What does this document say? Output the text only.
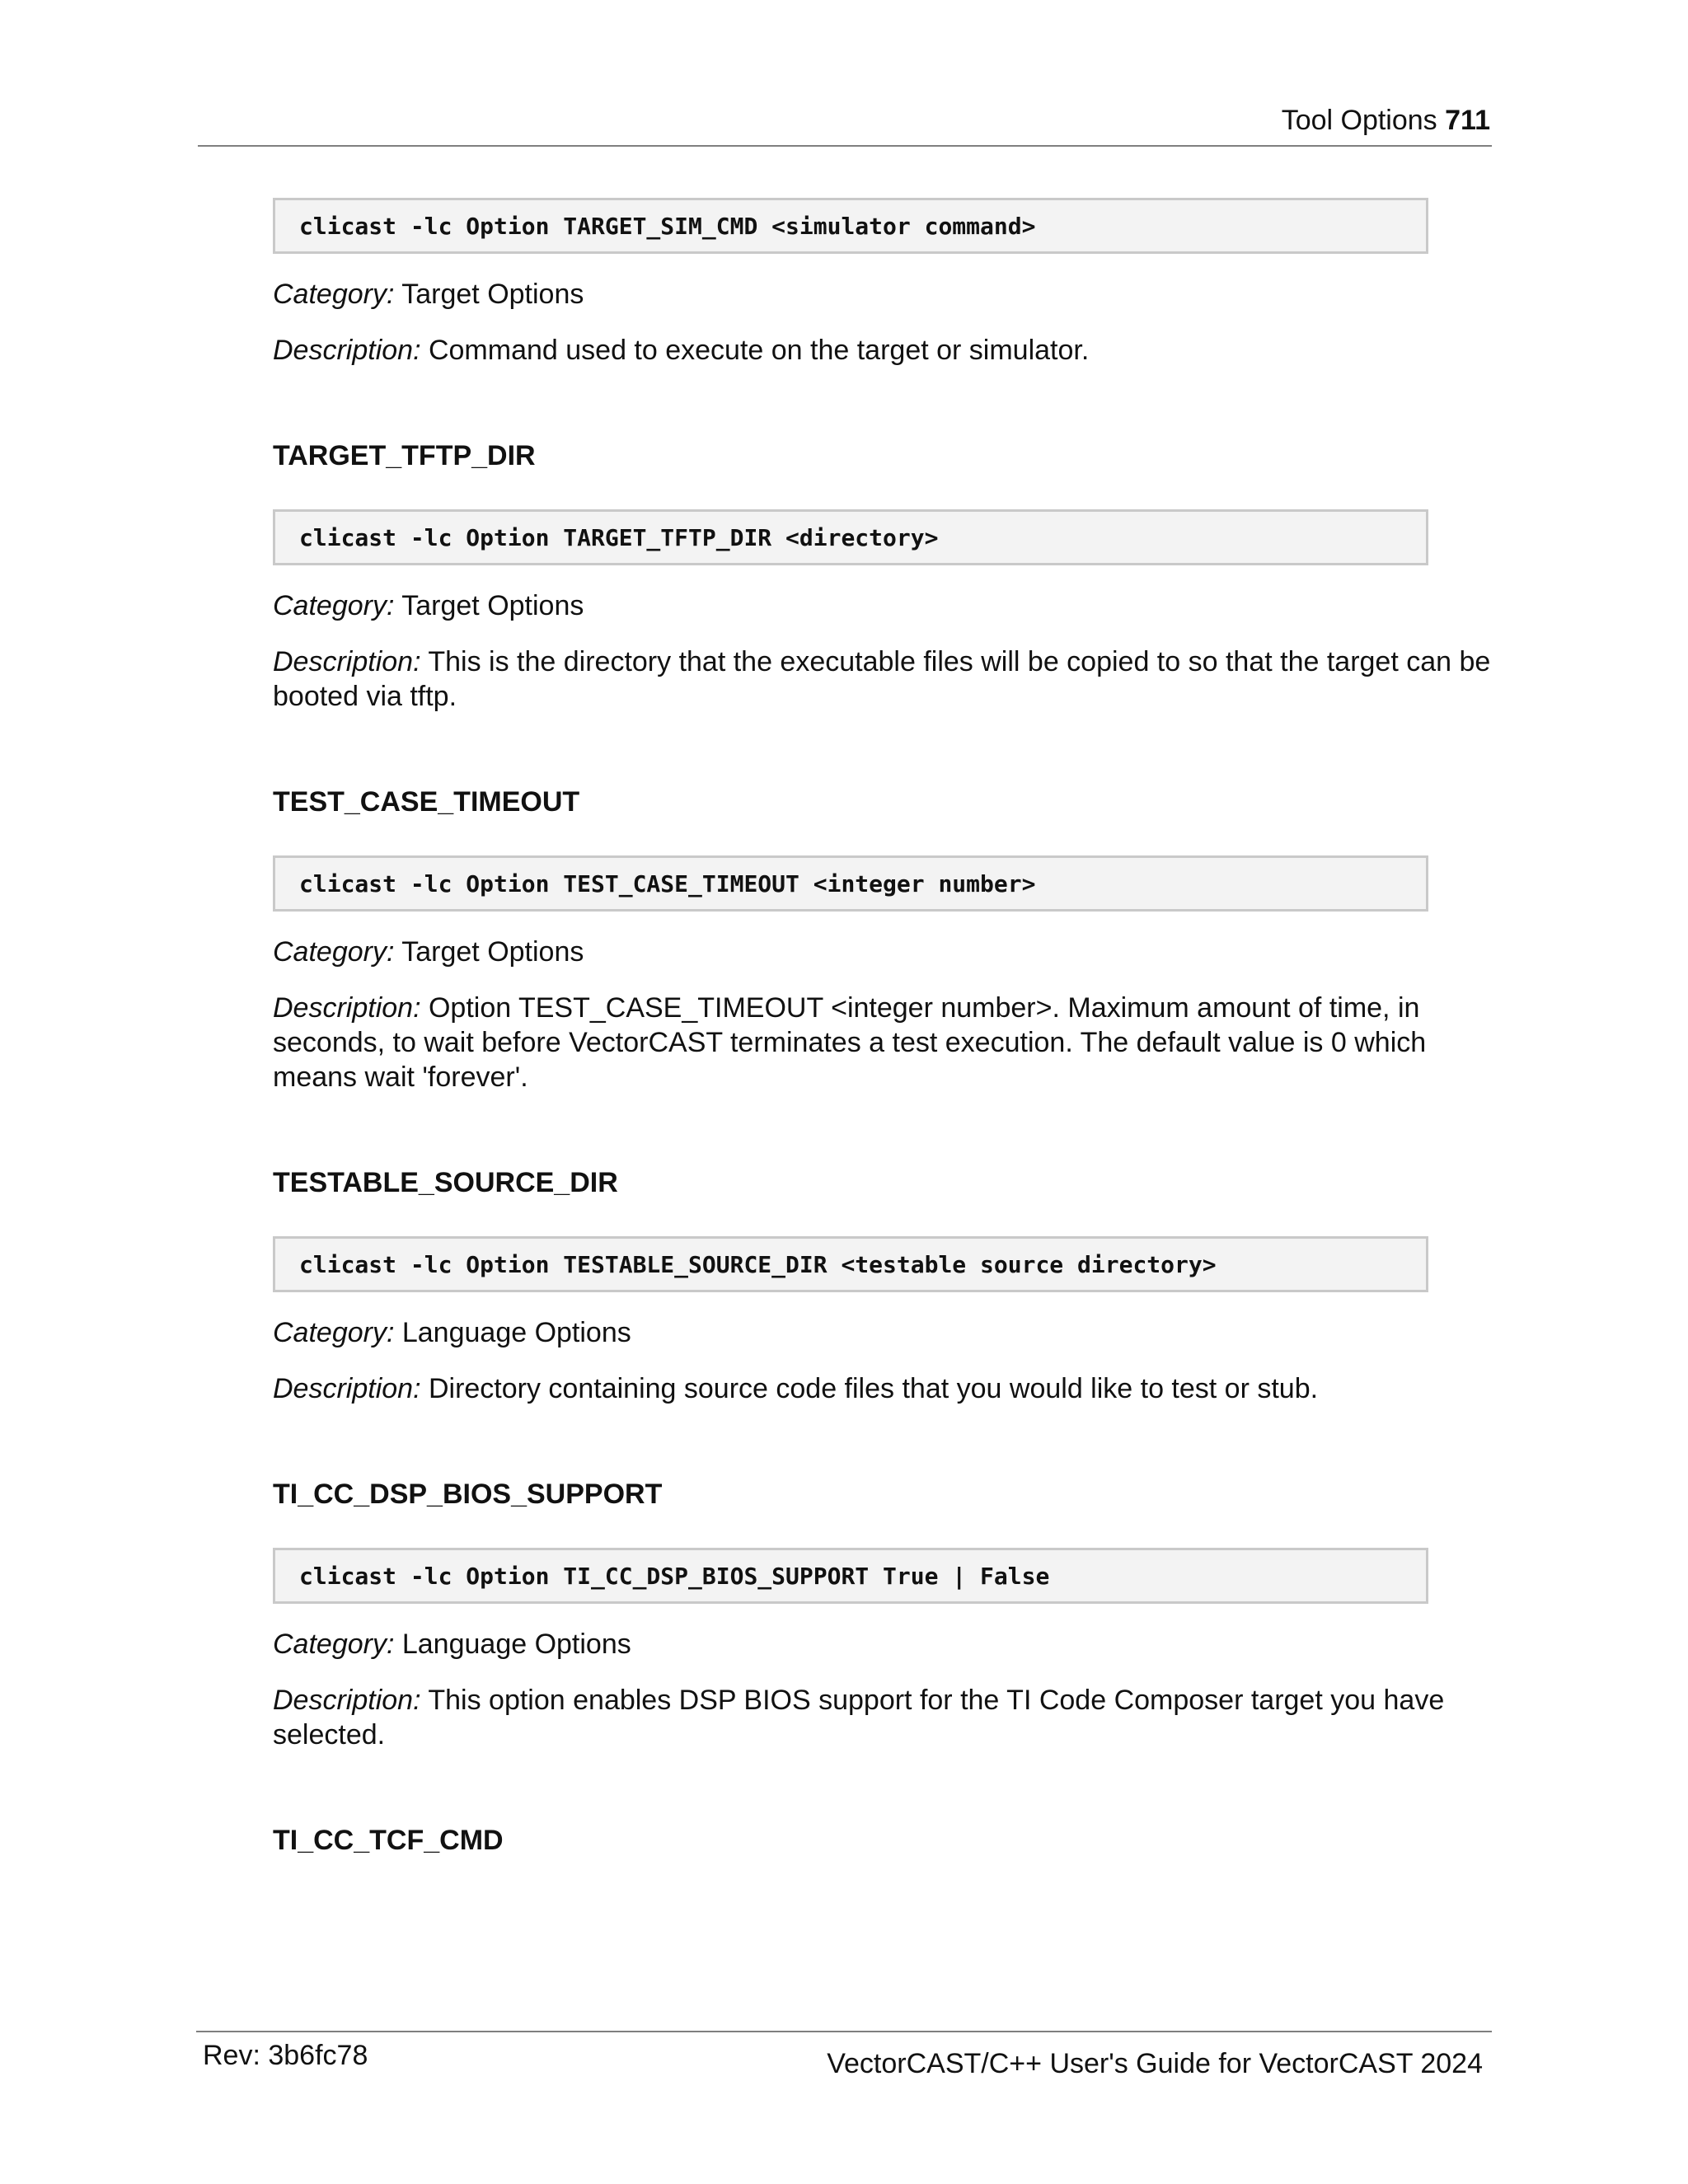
Tool Options 711
clicast -lc Option TARGET_SIM_CMD <simulator command>

Category: Target Options

Description: Command used to execute on the target or simulator.

TARGET_TFTP_DIR
clicast -lc Option TARGET_TFTP_DIR <directory>

Category: Target Options

Description: This is the directory that the executable files will be copied to so that the target can be booted via tftp.

TEST_CASE_TIMEOUT
clicast -lc Option TEST_CASE_TIMEOUT <integer number>

Category: Target Options

Description: Option TEST_CASE_TIMEOUT <integer number>. Maximum amount of time, in seconds, to wait before VectorCAST terminates a test execution. The default value is 0 which means wait 'forever'.

TESTABLE_SOURCE_DIR
clicast -lc Option TESTABLE_SOURCE_DIR <testable source directory>

Category: Language Options

Description: Directory containing source code files that you would like to test or stub.

TI_CC_DSP_BIOS_SUPPORT
clicast -lc Option TI_CC_DSP_BIOS_SUPPORT True | False

Category: Language Options

Description: This option enables DSP BIOS support for the TI Code Composer target you have selected.

TI_CC_TCF_CMD
Rev: 3b6fc78	VectorCAST/C++ User's Guide for VectorCAST 2024
